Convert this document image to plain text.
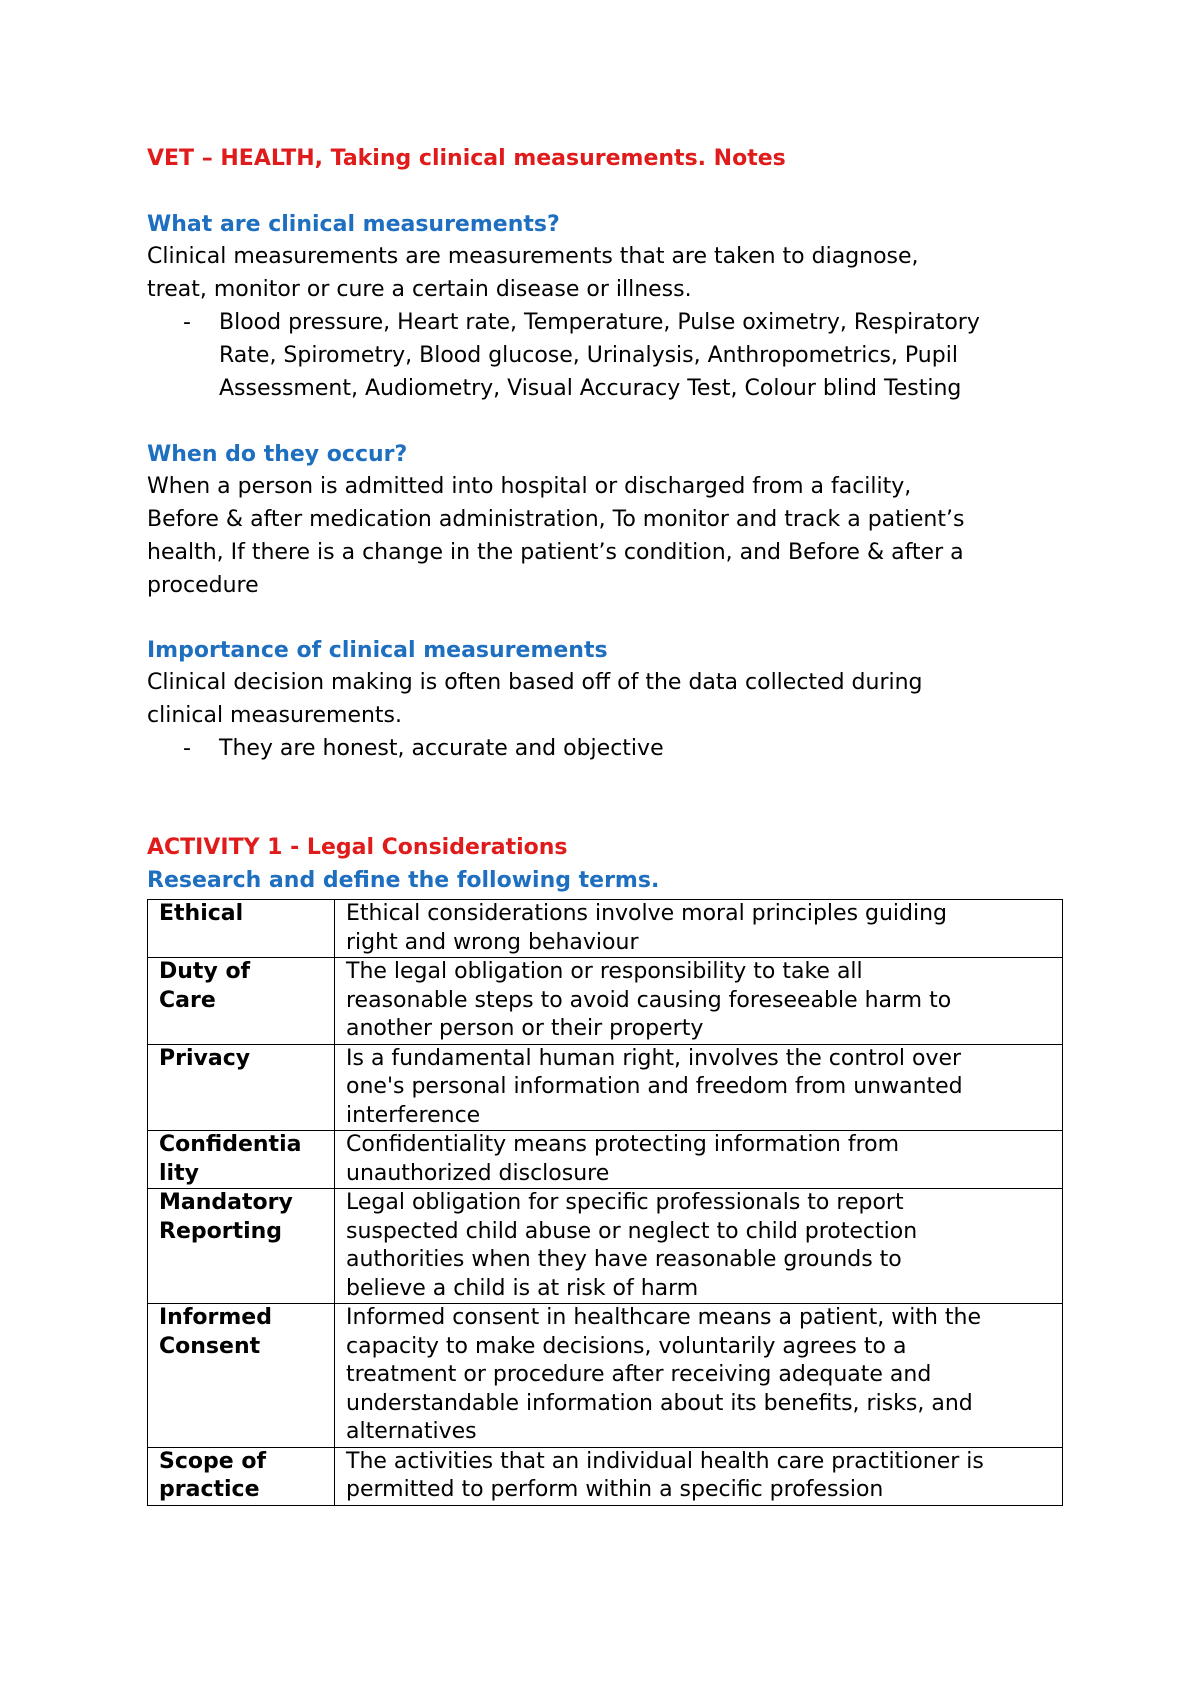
VET – HEALTH, Taking clinical measurements. Notes
What are clinical measurements?
Clinical measurements are measurements that are taken to diagnose,
treat, monitor or cure a certain disease or illness.
- Blood pressure, Heart rate, Temperature, Pulse oximetry, Respiratory
Rate, Spirometry, Blood glucose, Urinalysis, Anthropometrics, Pupil
Assessment, Audiometry, Visual Accuracy Test, Colour blind Testing
When do they occur?
When a person is admitted into hospital or discharged from a facility,
Before & after medication administration, To monitor and track a patient’s
health, If there is a change in the patient’s condition, and Before & after a
procedure
Importance of clinical measurements
Clinical decision making is often based off of the data collected during
clinical measurements.
- They are honest, accurate and objective
ACTIVITY 1 - Legal Considerations
Research and define the following terms.
Ethical	Ethical considerations involve moral principles guiding
right and wrong behaviour

Duty of
Care	The legal obligation or responsibility to take all
reasonable steps to avoid causing foreseeable harm to
another person or their property

Privacy	Is a fundamental human right, involves the control over
one's personal information and freedom from unwanted
interference

Confidentia
lity	Confidentiality means protecting information from
unauthorized disclosure

Mandatory
Reporting	Legal obligation for specific professionals to report
suspected child abuse or neglect to child protection
authorities when they have reasonable grounds to
believe a child is at risk of harm

Informed
Consent	Informed consent in healthcare means a patient, with the
capacity to make decisions, voluntarily agrees to a
treatment or procedure after receiving adequate and
understandable information about its benefits, risks, and
alternatives

Scope of
practice	The activities that an individual health care practitioner is
permitted to perform within a specific profession
